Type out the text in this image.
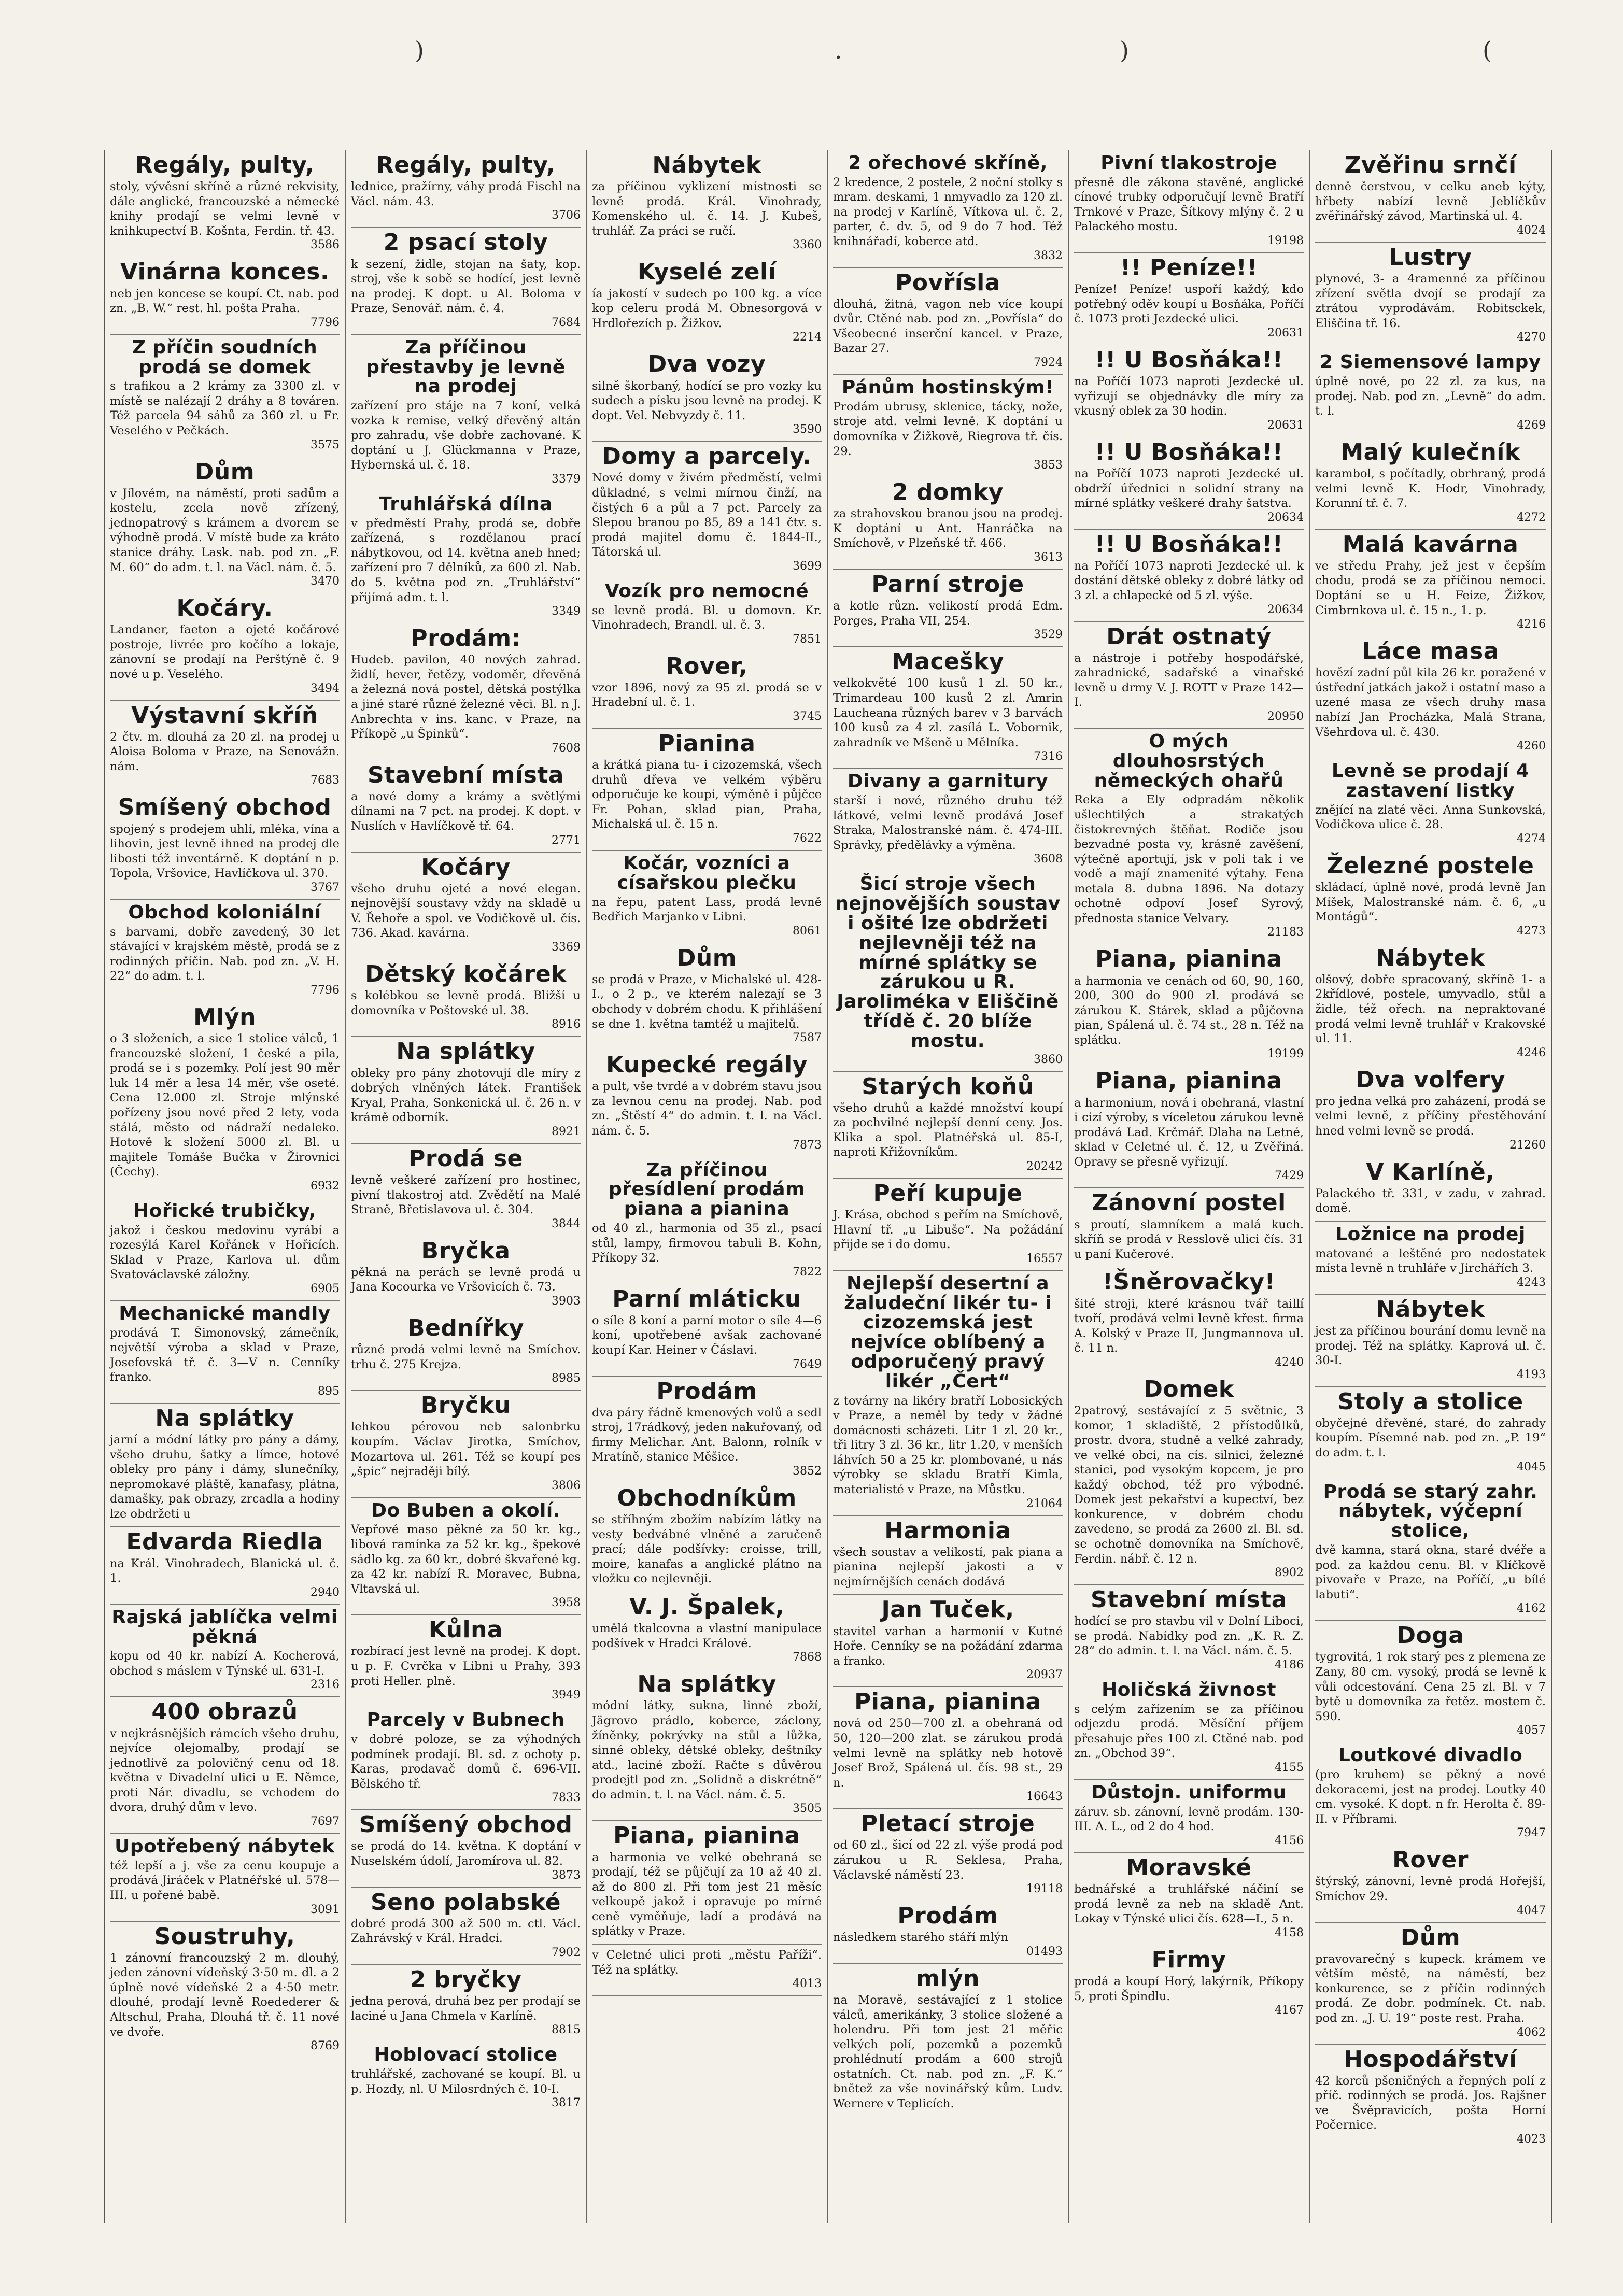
)	.	)	(
Regály, pulty,

stoly, vývěsní skříně a různé rekvisity, dále anglické, francouzské a německé knihy prodají se velmi levně v knihkupectví B. Košnta, Ferdin. tř. 43.

3586
Vinárna konces.

neb jen koncese se koupí. Ct. nab. pod zn. „B. W.“ rest. hl. pošta Praha.

7796
Z příčin soudních prodá se domek

s trafikou a 2 krámy za 3300 zl. v místě se nalézají 2 dráhy a 8 továren. Též parcela 94 sáhů za 360 zl. u Fr. Veselého v Pečkách.

3575
Dům

v Jílovém, na náměstí, proti sadům a kostelu, zcela nově zřízený, jednopatrový s krámem a dvorem se výhodně prodá. V místě bude za kráto stanice dráhy. Lask. nab. pod zn. „F. M. 60“ do adm. t. l. na Václ. nám. č. 5.

3470
Kočáry.

Landaner, faeton a ojeté kočárové postroje, livrée pro kočího a lokaje, zánovní se prodají na Perštýně č. 9 nové u p. Veselého.

3494
Výstavní skříň

2 čtv. m. dlouhá za 20 zl. na prodej u Aloisa Boloma v Praze, na Senovážn. nám.

7683
Smíšený obchod

spojený s prodejem uhlí, mléka, vína a lihovin, jest levně ihned na prodej dle libosti též inventárně. K doptání n p. Topola, Vršovice, Havlíčkova ul. 370.

3767
Obchod koloniální

s barvami, dobře zavedený, 30 let stávající v krajském městě, prodá se z rodinných příčin. Nab. pod zn. „V. H. 22“ do adm. t. l.

7796
Mlýn

o 3 složeních, a sice 1 stolice válců, 1 francouzské složení, 1 české a pila, prodá se i s pozemky. Polí jest 90 měr luk 14 měr a lesa 14 měr, vše oseté. Cena 12.000 zl. Stroje mlýnské pořízeny jsou nové před 2 lety, voda stálá, město od nádraží nedaleko. Hotově k složení 5000 zl. Bl. u majitele Tomáše Bučka v Žirovnici (Čechy).

6932
Hořické trubičky,

jakož i českou medovinu vyrábí a rozesýlá Karel Kořánek v Hořicích. Sklad v Praze, Karlova ul. dům Svatováclavské záložny.

6905
Mechanické mandly

prodává T. Šimonovský, zámečník, největší výroba a sklad v Praze, Josefovská tř. č. 3—V n. Cenníky franko.

895
Na splátky

jarní a módní látky pro pány a dámy, všeho druhu, šatky a límce, hotové obleky pro pány i dámy, slunečníky, nepromokavé pláště, kanafasy, plátna, damašky, pak obrazy, zrcadla a hodiny lze obdržeti u

Edvarda Riedla

na Král. Vinohradech, Blanická ul. č. 1.

2940
Rajská jablíčka velmi pěkná

kopu od 40 kr. nabízí A. Kocherová, obchod s máslem v Týnské ul. 631-I.

2316
400 obrazů

v nejkrásnějších rámcích všeho druhu, nejvíce olejomalby, prodají se jednotlivě za polovičný cenu od 18. května v Divadelní ulici u E. Němce, proti Nár. divadlu, se vchodem do dvora, druhý dům v levo.

7697
Upotřebený nábytek

též lepší a j. vše za cenu koupuje a prodává Jiráček v Platnéřské ul. 578—III. u pořené babě.

3091
Soustruhy,

1 zánovní francouzský 2 m. dlouhý, jeden zánovní vídeňský 3·50 m. dl. a 2 úplně nové vídeňské 2 a 4·50 metr. dlouhé, prodají levně Roedederer & Altschul, Praha, Dlouhá tř. č. 11 nové ve dvoře.

8769
Regály, pulty,

lednice, pražírny, váhy prodá Fischl na Václ. nám. 43.

3706
2 psací stoly

k sezení, židle, stojan na šaty, kop. stroj, vše k sobě se hodící, jest levně na prodej. K dopt. u Al. Boloma v Praze, Senovář. nám. č. 4.

7684
Za příčinou přestavby je levně na prodej

zařízení pro stáje na 7 koní, velká vozka k remise, velký dřevěný altán pro zahradu, vše dobře zachované. K doptání u J. Glückmanna v Praze, Hybernská ul. č. 18.

3379
Truhlářská dílna

v předměstí Prahy, prodá se, dobře zařízená, s rozdělanou prací nábytkovou, od 14. května aneb hned; zařízení pro 7 dělníků, za 600 zl. Nab. do 5. května pod zn. „Truhlářství“ přijímá adm. t. l.

3349
Prodám:

Hudeb. pavilon, 40 nových zahrad. židlí, hever, řetězy, vodoměr, dřevěná a železná nová postel, dětská postýlka a jiné staré různé železné věci. Bl. n J. Anbrechta v ins. kanc. v Praze, na Příkopě „u Špinků“.

7608
Stavební místa

a nové domy a krámy a světlými dílnami na 7 pct. na prodej. K dopt. v Nuslích v Havlíčkově tř. 64.

2771
Kočáry

všeho druhu ojeté a nové elegan. nejnovější soustavy vždy na skladě u V. Řehoře a spol. ve Vodičkově ul. čís. 736. Akad. kavárna.

3369
Dětský kočárek

s kolébkou se levně prodá. Bližší u domovníka v Poštovské ul. 38.

8916
Na splátky

obleky pro pány zhotovují dle míry z dobrých vlněných látek. František Kryal, Praha, Sonkenická ul. č. 26 n. v krámě odborník.

8921
Prodá se

levně veškeré zařízení pro hostinec, pivní tlakostroj atd. Zvědětí na Malé Straně, Břetislavova ul. č. 304.

3844
Bryčka

pěkná na perách se levně prodá u Jana Kocourka ve Vršovicích č. 73.

3903
Bednířky

různé prodá velmi levně na Smíchov. trhu č. 275 Krejza.

8985
Bryčku

lehkou pérovou neb salonbrku koupím. Václav Jirotka, Smíchov, Mozartova ul. 261. Též se koupí pes „špic“ nejraději bílý.

3806
Do Buben a okolí.

Vepřové maso pěkné za 50 kr. kg., libová ramínka za 52 kr. kg., špekové sádlo kg. za 60 kr., dobré škvařené kg. za 42 kr. nabízí R. Moravec, Bubna, Vltavská ul.

3958
Kůlna

rozbírací jest levně na prodej. K dopt. u p. F. Cvrčka v Libni u Prahy, 393 proti Heller. plně.

3949
Parcely v Bubnech

v dobré poloze, se za výhodných podmínek prodají. Bl. sd. z ochoty p. Karas, prodavač domů č. 696-VII. Bělského tř.

7833
Smíšený obchod

se prodá do 14. května. K doptání v Nuselském údolí, Jaromírova ul. 82.

3873
Seno polabské

dobré prodá 300 až 500 m. ctl. Václ. Zahrávský v Král. Hradci.

7902
2 bryčky

jedna perová, druhá bez per prodají se laciné u Jana Chmela v Karlíně.

8815
Hoblovací stolice

truhlářské, zachované se koupí. Bl. u p. Hozdy, nl. U Milosrdných č. 10-I.

3817
Nábytek

za příčinou vyklizení místnosti se levně prodá. Král. Vinohrady, Komenského ul. č. 14. J. Kubeš, truhlář. Za práci se ručí.

3360
Kyselé zelí

ía jakostí v sudech po 100 kg. a více kop celeru prodá M. Obnesorgová v Hrdlořezích p. Žižkov.

2214
Dva vozy

silně škorbaný, hodící se pro vozky ku sudech a písku jsou levně na prodej. K dopt. Vel. Nebvyzdy č. 11.

3590
Domy a parcely.

Nové domy v živém předměstí, velmi důkladné, s velmi mírnou činží, na čistých 6 a půl a 7 pct. Parcely za Slepou branou po 85, 89 a 141 čtv. s. prodá majitel domu č. 1844-II., Tátorská ul.

3699
Vozík pro nemocné

se levně prodá. Bl. u domovn. Kr. Vinohradech, Brandl. ul. č. 3.

7851
Rover,

vzor 1896, nový za 95 zl. prodá se v Hradební ul. č. 1.

3745
Pianina

a krátká piana tu- i cizozemská, všech druhů dřeva ve velkém výběru odporučuje ke koupi, výměně i půjčce Fr. Pohan, sklad pian, Praha, Michalská ul. č. 15 n.

7622
Kočár, vozníci a císařskou plečku

na řepu, patent Lass, prodá levně Bedřich Marjanko v Libni.

8061
Dům

se prodá v Praze, v Michalské ul. 428-I., o 2 p., ve kterém nalezají se 3 obchody v dobrém chodu. K přihlášení se dne 1. května tamtéž u majitelů.

7587
Kupecké regály

a pult, vše tvrdé a v dobrém stavu jsou za levnou cenu na prodej. Nab. pod zn. „Štěstí 4“ do admin. t. l. na Václ. nám. č. 5.

7873
Za příčinou přesídlení prodám piana a pianina

od 40 zl., harmonia od 35 zl., psací stůl, lampy, firmovou tabuli B. Kohn, Příkopy 32.

7822
Parní mláticku

o síle 8 koní a parní motor o síle 4—6 koní, upotřebené avšak zachované koupí Kar. Heiner v Čáslavi.

7649
Prodám

dva páry řádně kmenových volů a sedl stroj, 17rádkový, jeden nakuřovaný, od firmy Melichar. Ant. Balonn, rolník v Mratíně, stanice Měšice.

3852
Obchodníkům

se stříhným zbožím nabízím látky na vesty bedvábné vlněné a zaručeně prací; dále podšívky: croisse, trill, moire, kanafas a anglické plátno na vložku co nejlevněji.

V. J. Špalek,

umělá tkalcovna a vlastní manipulace podšívek v Hradci Králové.

7868
Na splátky

módní látky, sukna, linné zboží, Jägrovo prádlo, koberce, záclony, žíněnky, pokrývky na stůl a lůžka, sinné obleky, dětské obleky, deštníky atd., laciné zboží. Račte s důvěrou prodejtl pod zn. „Solidně a diskrétně“ do admin. t. l. na Václ. nám. č. 5.

3505
Piana, pianina

a harmonia ve velké obehraná se prodají, též se půjčují za 10 až 40 zl. až do 800 zl. Při tom jest 21 měsíc velkoupě jakož i opravuje po mírné ceně vyměňuje, ladí a prodává na splátky v Praze.

v Celetné ulici proti „městu Paříži“. Též na splátky.

4013
2 ořechové skříně,

2 kredence, 2 postele, 2 noční stolky s mram. deskami, 1 nmyvadlo za 120 zl. na prodej v Karlíně, Vítkova ul. č. 2, parter, č. dv. 5, od 9 do 7 hod. Též knihnářadí, koberce atd.

3832
Povřísla

dlouhá, žitná, vagon neb více koupí dvůr. Ctěné nab. pod zn. „Povřísla“ do Všeobecné inserční kancel. v Praze, Bazar 27.

7924
Pánům hostinským!

Prodám ubrusy, sklenice, tácky, nože, stroje atd. velmi levně. K doptání u domovníka v Žižkově, Riegrova tř. čís. 29.

3853
2 domky

za strahovskou branou jsou na prodej. K doptání u Ant. Hanráčka na Smíchově, v Plzeňské tř. 466.

3613
Parní stroje

a kotle různ. velikostí prodá Edm. Porges, Praha VII, 254.

3529
Macešky

velkokvěté 100 kusů 1 zl. 50 kr., Trimardeau 100 kusů 2 zl. Amrin Laucheana různých barev v 3 barvách 100 kusů za 4 zl. zasílá L. Vobornik, zahradník ve Mšeně u Mělníka.

7316
Divany a garnitury

starší i nové, různého druhu též látkové, velmi levně prodává Josef Straka, Malostranské nám. č. 474-III. Správky, předělávky a výměna.

3608
Šicí stroje všech nejnovějších soustav i ošité lze obdržeti nejlevněji též na mírné splátky se zárukou u R. Jaroliméka v Eliščině třídě č. 20 blíže mostu.
3860
Starých koňů

všeho druhů a každé množství koupí za pochvilné nejlepší denní ceny. Jos. Klika a spol. Platnéřská ul. 85-I, naproti Křižovníkům.

20242
Peří kupuje

J. Krása, obchod s peřím na Smíchově, Hlavní tř. „u Libuše“. Na požádání přijde se i do domu.

16557
Nejlepší desertní a žaludeční likér tu- i cizozemská jest nejvíce oblíbený a odporučený pravý likér „Čert“

z továrny na likéry bratří Lobosických v Praze, a neměl by tedy v žádné domácnosti scházeti. Litr 1 zl. 20 kr., tři litry 3 zl. 36 kr., litr 1.20, v menších láhvích 50 a 25 kr. plombované, u nás výrobky se skladu Bratří Kimla, materialisté v Praze, na Můstku.

21064
Harmonia

všech soustav a velikostí, pak piana a pianina nejlepší jakosti a v nejmírnějších cenách dodává

Jan Tuček,

stavitel varhan a harmonií v Kutné Hoře. Cenníky se na požádání zdarma a franko.

20937
Piana, pianina

nová od 250—700 zl. a obehraná od 50, 120—200 zlat. se zárukou prodá velmi levně na splátky neb hotově Josef Brož, Spálená ul. čís. 98 st., 29 n.

16643
Pletací stroje

od 60 zl., šicí od 22 zl. výše prodá pod zárukou u R. Seklesa, Praha, Václavské náměstí 23.

19118
Prodám

následkem starého stáří mlýn

01493
mlýn

na Moravě, sestávající z 1 stolice válců, amerikánky, 3 stolice složené a holendru. Při tom jest 21 měřic velkých polí, pozemků a pozemků prohlédnutí prodám a 600 strojů ostatních. Ct. nab. pod zn. „F. K.“ bnětež za vše novinářský kům. Ludv. Wernere v Teplicích.

Pivní tlakostroje

přesně dle zákona stavěné, anglické cínové trubky odporučují levně Bratří Trnkové v Praze, Šítkovy mlýny č. 2 u Palackého mostu.

19198
!! Peníze!!

Peníze! Peníze! uspoří každý, kdo potřebný oděv koupí u Bosňáka, Poříčí č. 1073 proti Jezdecké ulici.

20631
!! U Bosňáka!!

na Poříčí 1073 naproti Jezdecké ul. vyřizují se objednávky dle míry za vkusný oblek za 30 hodin.

20631
!! U Bosňáka!!

na Poříčí 1073 naproti Jezdecké ul. obdrží úřednici n solidní strany na mírné splátky veškeré drahy šatstva.

20634
!! U Bosňáka!!

na Poříčí 1073 naproti Jezdecké ul. k dostání dětské obleky z dobré látky od 3 zl. a chlapecké od 5 zl. výše.

20634
Drát ostnatý

a nástroje i potřeby hospodářské, zahradnické, sadařské a vinařské levně u drmy V. J. ROTT v Praze 142—I.

20950
O mých dlouhosrstých německých ohařů

Reka a Ely odpradám několik ušlechtilých a strakatých čistokrevných štěňat. Rodiče jsou bezvadné posta vy, krásně zavěšení, výtečně aportují, jsk v poli tak i ve vodě a mají znamenité výtahy. Fena metala 8. dubna 1896. Na dotazy ochotně odpoví Josef Syrový, přednosta stanice Velvary.

21183
Piana, pianina

a harmonia ve cenách od 60, 90, 160, 200, 300 do 900 zl. prodává se zárukou K. Stárek, sklad a půjčovna pian, Spálená ul. č. 74 st., 28 n. Též na splátku.

19199
Piana, pianina

a harmonium, nová i obehraná, vlastní i cizí výroby, s víceletou zárukou levně prodává Lad. Krčmář. Dlaha na Letné, sklad v Celetné ul. č. 12, u Zvěřiná. Opravy se přesně vyřizují.

7429
Zánovní postel

s proutí, slamníkem a malá kuch. skříň se prodá v Resslově ulici čís. 31 u paní Kučerové.

!Šněrovačky!

šité stroji, které krásnou tvář taillí tvoří, prodává velmi levně křest. firma A. Kolský v Praze II, Jungmannova ul. č. 11 n.

4240
Domek

2patrový, sestávající z 5 světnic, 3 komor, 1 skladiště, 2 přístodůlků, prostr. dvora, studně a velké zahrady, ve velké obci, na cís. silnici, železné stanici, pod vysokým kopcem, je pro každý obchod, též pro výbodné. Domek jest pekařství a kupectví, bez konkurence, v dobrém chodu zavedeno, se prodá za 2600 zl. Bl. sd. se ochotně domovníka na Smíchově, Ferdin. nábř. č. 12 n.

8902
Stavební místa

hodící se pro stavbu vil v Dolní Liboci, se prodá. Nabídky pod zn. „K. R. Z. 28“ do admin. t. l. na Václ. nám. č. 5.

4186
Holičská živnost

s celým zařízením se za příčinou odjezdu prodá. Měsíční příjem přesahuje přes 100 zl. Ctěné nab. pod zn. „Obchod 39“.

4155
Důstojn. uniformu

záruv. sb. zánovní, levně prodám. 130-III. A. L., od 2 do 4 hod.

4156
Moravské

bednářské a truhlářské náčiní se prodá levně za neb na skladě Ant. Lokay v Týnské ulici čís. 628—I., 5 n.

4158
Firmy

prodá a koupí Horý, lakýrník, Příkopy 5, proti Špindlu.

4167
Zvěřinu srnčí

denně čerstvou, v celku aneb kýty, hřbety nabízí levně Jeblíčkův zvěřinářský závod, Martinská ul. 4.

4024
Lustry

plynové, 3- a 4ramenné za příčinou zřízení světla dvojí se prodají za ztrátou vyprodávám. Robitsckek, Eliščina tř. 16.

4270
2 Siemensové lampy

úplně nové, po 22 zl. za kus, na prodej. Nab. pod zn. „Levně“ do adm. t. l.

4269
Malý kulečník

karambol, s počítadly, obrhraný, prodá velmi levně K. Hodr, Vinohrady, Korunní tř. č. 7.

4272
Malá kavárna

ve středu Prahy, jež jest v čepším chodu, prodá se za příčinou nemoci. Doptání se u H. Feize, Žižkov, Cimbrnkova ul. č. 15 n., 1. p.

4216
Láce masa

hovězí zadní půl kila 26 kr. poražené v ústřední jatkách jakož i ostatní maso a uzené masa ze všech druhy masa nabízí Jan Procházka, Malá Strana, Všehrdova ul. č. 430.

4260
Levně se prodají 4 zastavení listky

znějící na zlaté věci. Anna Sunkovská, Vodičkova ulice č. 28.

4274
Železné postele

skládací, úplně nové, prodá levně Jan Míšek, Malostranské nám. č. 6, „u Montágů“.

4273
Nábytek

olšový, dobře spracovaný, skříně 1- a 2křídlové, postele, umyvadlo, stůl a židle, též ořech. na nepraktované prodá velmi levně truhlář v Krakovské ul. 11.

4246
Dva volfery

pro jedna velká pro zaházení, prodá se velmi levně, z příčiny přestěhování hned velmi levně se prodá.

21260
V Karlíně,

Palackého tř. 331, v zadu, v zahrad. domě.

Ložnice na prodej

matované a leštěné pro nedostatek místa levně n truhláře v Jirchářích 3.

4243
Nábytek

jest za příčinou bourání domu levně na prodej. Též na splátky. Kaprová ul. č. 30-I.

4193
Stoly a stolice

obyčejné dřevěné, staré, do zahrady koupím. Písemné nab. pod zn. „P. 19“ do adm. t. l.

4045
Prodá se starý zahr. nábytek, výčepní stolice,

dvě kamna, stará okna, staré dvéře a pod. za každou cenu. Bl. v Klíčkově pivovaře v Praze, na Poříčí, „u bílé labuti“.

4162
Doga

tygrovitá, 1 rok starý pes z plemena ze Zany, 80 cm. vysoký, prodá se levně k vůli odcestování. Cena 25 zl. Bl. v 7 bytě u domovníka za řetěz. mostem č. 590.

4057
Loutkové divadlo

(pro kruhem) se pěkný a nové dekoracemi, jest na prodej. Loutky 40 cm. vysoké. K dopt. n fr. Herolta č. 89-II. v Příbrami.

7947
Rover

štýrský, zánovní, levně prodá Hořejší, Smíchov 29.

4047
Dům

pravovarečný s kupeck. krámem ve větším městě, na náměstí, bez konkurence, se z příčin rodinných prodá. Ze dobr. podmínek. Ct. nab. pod zn. „J. U. 19“ poste rest. Praha.

4062
Hospodářství

42 korců pšeničných a řepných polí z příč. rodinných se prodá. Jos. Rajšner ve Švěpravicích, pošta Horní Počernice.

4023
